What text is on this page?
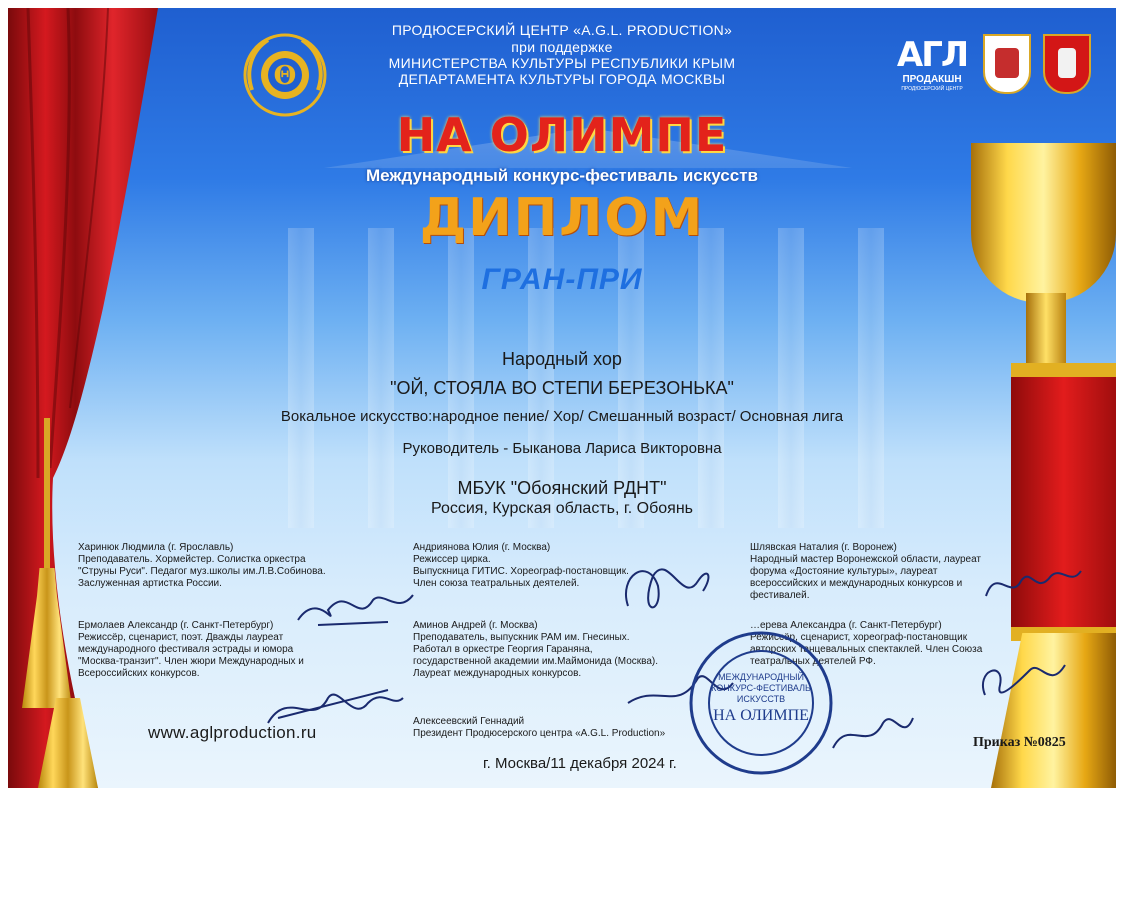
Θ
ПРОДЮСЕРСКИЙ ЦЕНТР «A.G.L. PRODUCTION»
при поддержке
МИНИСТЕРСТВА КУЛЬТУРЫ РЕСПУБЛИКИ КРЫМ
ДЕПАРТАМЕНТА КУЛЬТУРЫ ГОРОДА МОСКВЫ
АГЛ
ПРОДАКШН
ПРОДЮСЕРСКИЙ ЦЕНТР
НА ОЛИМПЕ
Международный конкурс-фестиваль искусств
ДИПЛОМ
ГРАН-ПРИ
Народный хор
"ОЙ, СТОЯЛА ВО СТЕПИ БЕРЕЗОНЬКА"
Вокальное искусство:народное пение/ Хор/ Смешанный возраст/ Основная лига
Руководитель - Быканова Лариса Викторовна
МБУК "Обоянский РДНТ"
Россия, Курская область, г. Обоянь
Харинюк Людмила (г. Ярославль)
Преподаватель. Хормейстер. Солистка оркестра
"Струны Руси". Педагог муз.школы им.Л.В.Собинова.
Заслуженная артистка России.
Андриянова Юлия (г. Москва)
Режиссер цирка.
Выпускница ГИТИС. Хореограф-постановщик.
Член союза театральных деятелей.
Шлявская Наталия (г. Воронеж)
Народный мастер Воронежской области, лауреат
форума «Достояние культуры», лауреат
всероссийских и международных конкурсов и
фестивалей.
Ермолаев Александр (г. Санкт-Петербург)
Режиссёр, сценарист, поэт. Дважды лауреат
международного фестиваля эстрады и юмора
"Москва-транзит". Член жюри Международных и
Всероссийских конкурсов.
Аминов Андрей (г. Москва)
Преподаватель, выпускник РАМ им. Гнесиных.
Работал в оркестре Георгия Гараняна,
государственной академии им.Маймонида (Москва).
Лауреат международных конкурсов.
…ерева Александра (г. Санкт-Петербург)
Режиссёр, сценарист, хореограф-постановщик
авторских танцевальных спектаклей. Член Союза
театральных деятелей РФ.
МЕЖДУНАРОДНЫЙ
КОНКУРС-ФЕСТИВАЛЬ
ИСКУССТВ
НА ОЛИМПЕ
www.aglproduction.ru
Алексеевский Геннадий
Президент Продюсерского центра «A.G.L. Production»
г. Москва/11 декабря 2024 г.
Приказ №0825
